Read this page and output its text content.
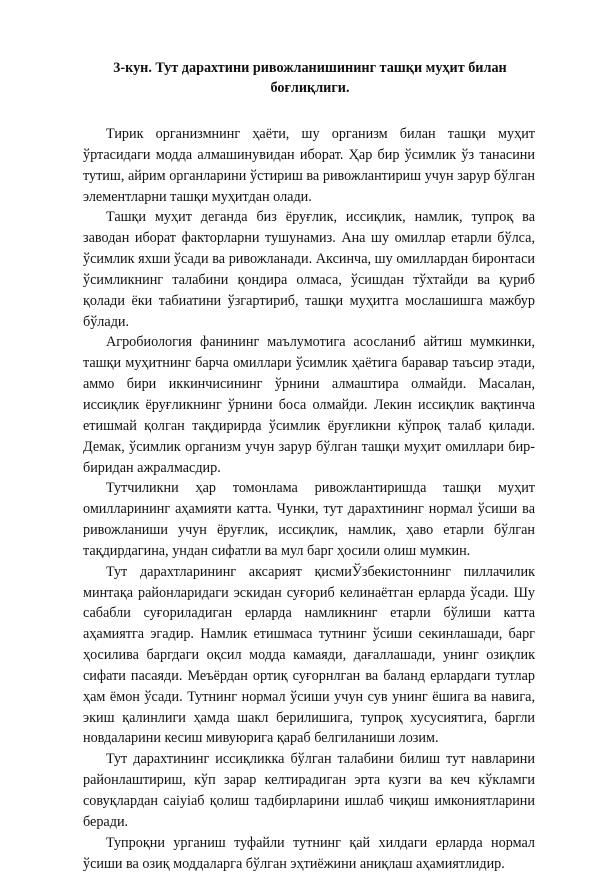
3-кун. Тут дарахтини ривожланишининг ташқи муҳит билан боғлиқлиги.

Тирик организмнинг ҳаёти, шу организм билан ташқи муҳит ўртасидаги модда алмашинувидан иборат. Ҳар бир ўсимлик ўз танасини тутиш, айрим органларини ўстириш ва ривожлантириш учун зарур бўлган элементларни ташқи муҳитдан олади.

Ташқи муҳит деганда биз ёруғлик, иссиқлик, намлик, тупроқ ва заводан иборат факторларни тушунамиз. Ана шу омиллар етарли бўлса, ўсимлик яхши ўсади ва ривожланади. Аксинча, шу омиллардан биронтаси ўсимликнинг талабини қондира олмаса, ўсишдан тўхтайди ва қуриб қолади ёки табиатини ўзгартириб, ташқи муҳитга мослашишга мажбур бўлади.

Агробиология фанининг маълумотига асосланиб айтиш мумкинки, ташқи муҳитнинг барча омиллари ўсимлик ҳаётига баравар таъсир этади, аммо бири иккинчисининг ўрнини алмаштира олмайди. Масалан, иссиқлик ёруғликнинг ўрнини боса олмайди. Лекин иссиқлик вақтинча етишмай қолган тақдирирда ўсимлик ёруғликни кўпроқ талаб қилади. Демак, ўсимлик организм учун зарур бўлган ташқи муҳит омиллари бир-биридан ажралмасдир.

Тутчиликни ҳар томонлама ривожлантиришда ташқи муҳит омилларининг аҳамияти катта. Чунки, тут дарахтининг нормал ўсиши ва ривожланиши учун ёруғлик, иссиқлик, намлик, ҳаво етарли бўлган тақдирдагина, ундан сифатли ва мул барг ҳосили олиш мумкин.

Тут дарахтларининг аксарият қисмиЎзбекистоннинг пиллачилик минтақа районларидаги эскидан суғориб келинаётган ерларда ўсади. Шу сабабли суғориладиган ерларда намликнинг етарли бўлиши катта аҳамиятга эгадир. Намлик етишмаса тутнинг ўсиши секинлашади, барг ҳосилива баргдаги оқсил модда камаяди, дағаллашади, унинг озиқлик сифати пасаяди. Меъёрдан ортиқ суғорнлган ва баланд ерлардаги тутлар ҳам ёмон ўсади. Тутнинг нормал ўсиши учун сув унинг ёшига ва навига, экиш қалинлиги ҳамда шакл берилишига, тупроқ хусусиятига, баргли новдаларини кесиш мивуюрига қараб белгиланиши лозим.

Тут дарахтининг иссиқликка бўлган талабини билиш тут навларини районлаштириш, кўп зарар келтирадиган эрта кузги ва кеч кўкламги совуқлардан саіуіаб қолиш тадбирларини ишлаб чиқиш имкониятларини беради.

Тупроқни урганиш туфайли тутнинг қай хилдаги ерларда нормал ўсиши ва озиқ моддаларга бўлган эҳтиёжини аниқлаш аҳамиятлидир.
